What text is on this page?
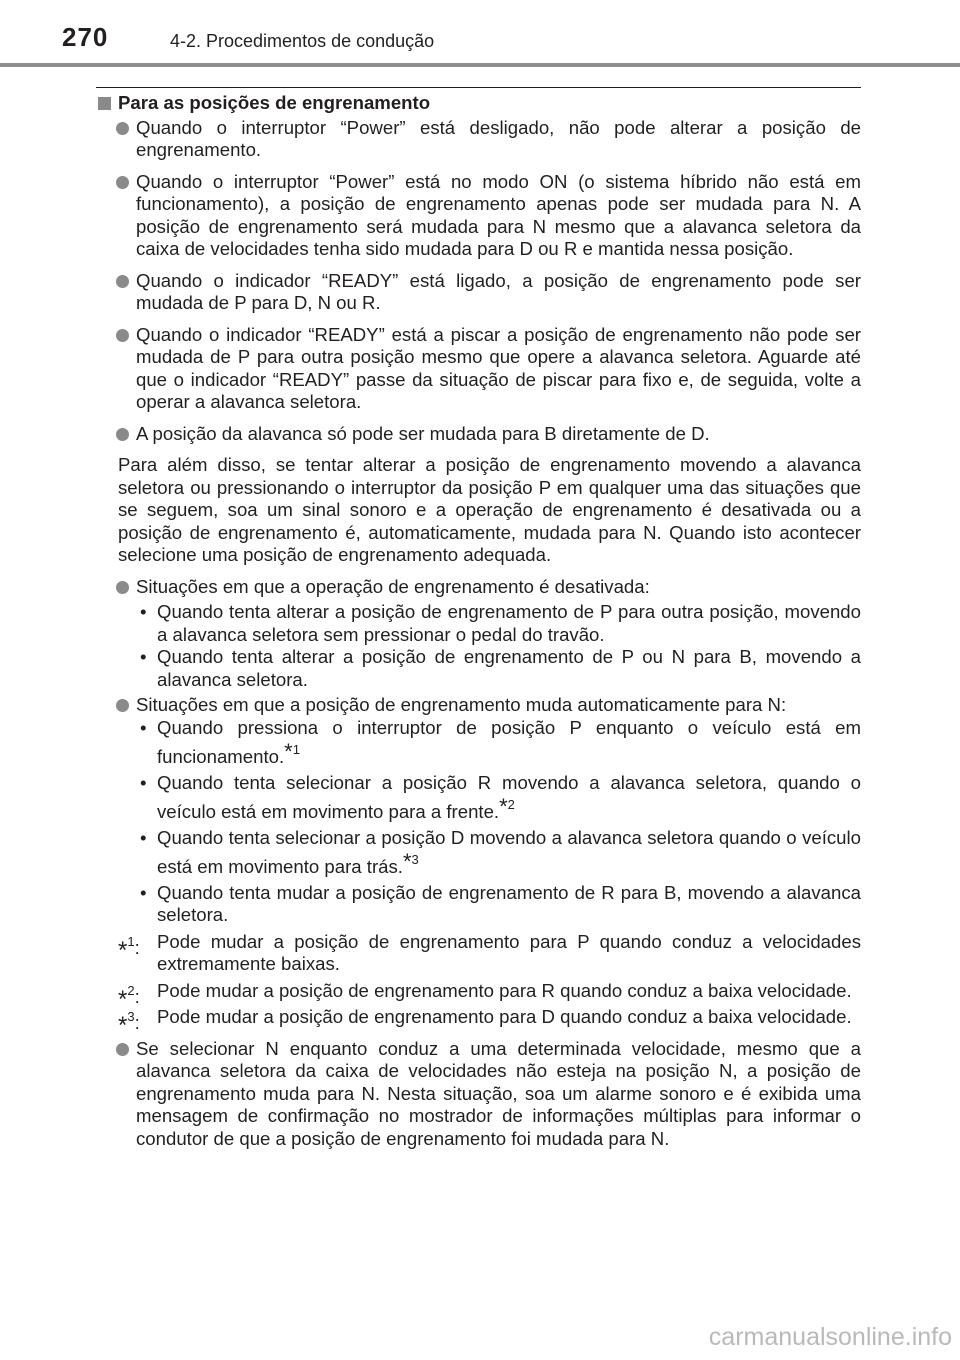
270	4-2. Procedimentos de condução

Para as posições de engrenamento

Quando o interruptor “Power” está desligado, não pode alterar a posição de engrenamento.

Quando o interruptor “Power” está no modo ON (o sistema híbrido não está em funcionamento), a posição de engrenamento apenas pode ser mudada para N. A posição de engrenamento será mudada para N mesmo que a alavanca seletora da caixa de velocidades tenha sido mudada para D ou R e mantida nessa posição.

Quando o indicador “READY” está ligado, a posição de engrenamento pode ser mudada de P para D, N ou R.

Quando o indicador “READY” está a piscar a posição de engrenamento não pode ser mudada de P para outra posição mesmo que opere a alavanca seletora. Aguarde até que o indicador “READY” passe da situação de piscar para fixo e, de seguida, volte a operar a alavanca seletora.

A posição da alavanca só pode ser mudada para B diretamente de D.

Para além disso, se tentar alterar a posição de engrenamento movendo a alavanca seletora ou pressionando o interruptor da posição P em qualquer uma das situações que se seguem, soa um sinal sonoro e a operação de engrenamento é desativada ou a posição de engrenamento é, automaticamente, mudada para N. Quando isto acontecer selecione uma posição de engrenamento adequada.

Situações em que a operação de engrenamento é desativada:

• Quando tenta alterar a posição de engrenamento de P para outra posição, movendo a alavanca seletora sem pressionar o pedal do travão.

• Quando tenta alterar a posição de engrenamento de P ou N para B, movendo a alavanca seletora.

Situações em que a posição de engrenamento muda automaticamente para N:

• Quando pressiona o interruptor de posição P enquanto o veículo está em funcionamento.$^{*1}$

• Quando tenta selecionar a posição R movendo a alavanca seletora, quando o veículo está em movimento para a frente.$^{*2}$

• Quando tenta selecionar a posição D movendo a alavanca seletora quando o veículo está em movimento para trás.$^{*3}$

• Quando tenta mudar a posição de engrenamento de R para B, movendo a alavanca seletora.

*$^1$: Pode mudar a posição de engrenamento para P quando conduz a velocidades extremamente baixas.

*$^2$: Pode mudar a posição de engrenamento para R quando conduz a baixa velocidade.

*$^3$: Pode mudar a posição de engrenamento para D quando conduz a baixa velocidade.

Se selecionar N enquanto conduz a uma determinada velocidade, mesmo que a alavanca seletora da caixa de velocidades não esteja na posição N, a posição de engrenamento muda para N. Nesta situação, soa um alarme sonoro e é exibida uma mensagem de confirmação no mostrador de informações múltiplas para informar o condutor de que a posição de engrenamento foi mudada para N.

carmanualsonline.info
